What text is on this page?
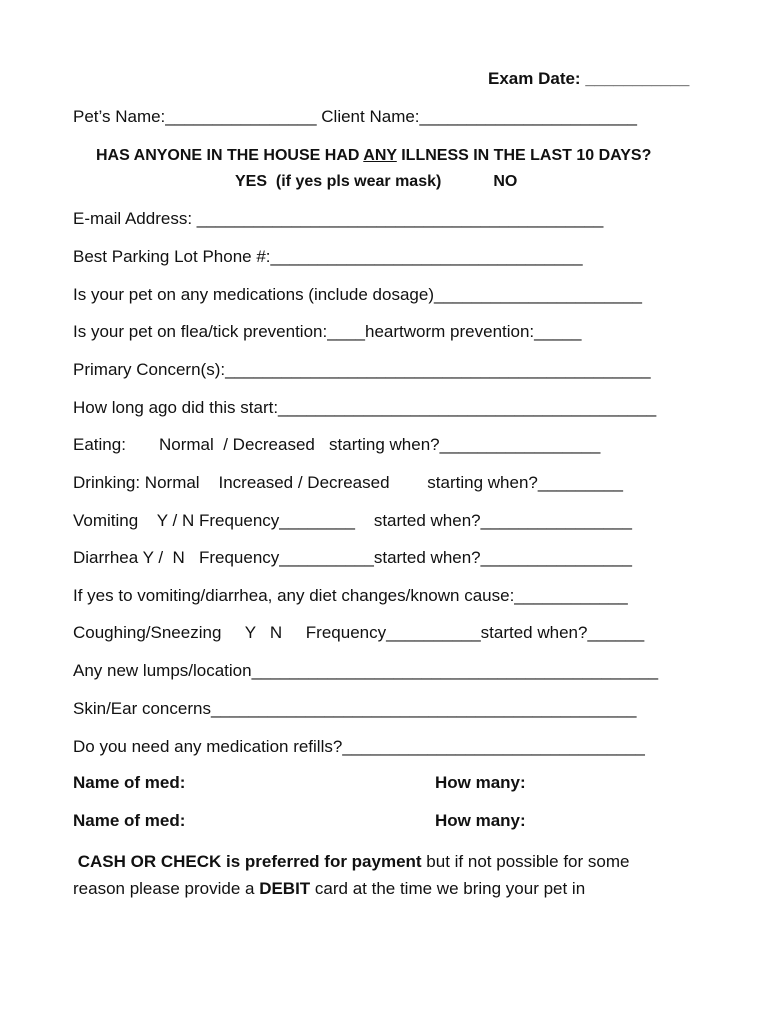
Exam Date: ___________
Pet’s Name:________________ Client Name:_______________________
HAS ANYONE IN THE HOUSE HAD ANY ILLNESS IN THE LAST 10 DAYS?
YES  (if yes pls wear mask)	NO
E-mail Address: ___________________________________________
Best Parking Lot Phone #:_________________________________
Is your pet on any medications (include dosage)______________________
Is your pet on flea/tick prevention:____heartworm prevention:_____
Primary Concern(s):_____________________________________________
How long ago did this start:________________________________________
Eating:       Normal  / Decreased   starting when?_________________
Drinking: Normal    Increased / Decreased        starting when?_________
Vomiting    Y / N Frequency________    started when?________________
Diarrhea Y /  N   Frequency__________started when?________________
If yes to vomiting/diarrhea, any diet changes/known cause:____________
Coughing/Sneezing     Y   N     Frequency__________started when?______
Any new lumps/location___________________________________________
Skin/Ear concerns_____________________________________________
Do you need any medication refills?________________________________
Name of med:	How many:
Name of med:	How many:
CASH OR CHECK is preferred for payment but if not possible for some reason please provide a DEBIT card at the time we bring your pet in
